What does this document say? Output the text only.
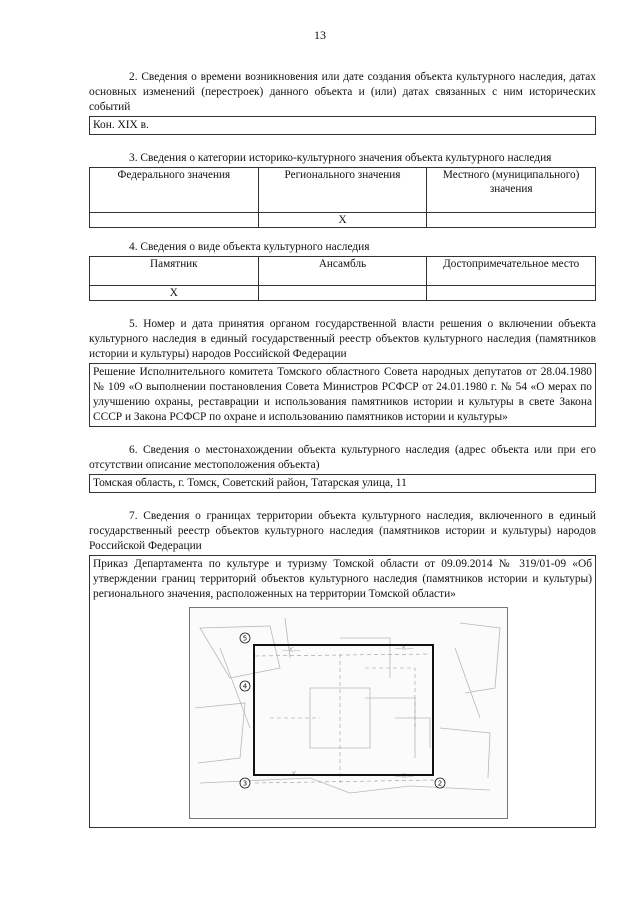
13

2. Сведения о времени возникновения или дате создания объекта культурного наследия, датах основных изменений (перестроек) данного объекта и (или) датах связанных с ним исторических событий

Кон. XIX в.

3. Сведения о категории историко-культурного значения объекта культурного наследия

Федерального значения	Регионального значения	Местного (муниципального) значения
	Х	

4. Сведения о виде объекта культурного наследия

Памятник	Ансамбль	Достопримечательное место
Х		

5. Номер и дата принятия органом государственной власти решения о включении объекта культурного наследия в единый государственный реестр объектов культурного наследия (памятников истории и культуры) народов Российской Федерации

Решение Исполнительного комитета Томского областного Совета народных депутатов от 28.04.1980 № 109 «О выполнении постановления Совета Министров РСФСР от 24.01.1980 г. № 54 «О мерах по улучшению охраны, реставрации и использования памятников истории и культуры в свете Закона СССР и Закона РСФСР по охране и использованию памятников истории и культуры»

6. Сведения о местонахождении объекта культурного наследия (адрес объекта или при его отсутствии описание местоположения объекта)

Томская область, г. Томск, Советский район, Татарская улица, 11

7. Сведения о границах территории объекта культурного наследия, включенного в единый государственный реестр объектов культурного наследия (памятников истории и культуры) народов Российской Федерации

Приказ Департамента по культуре и туризму Томской области от 09.09.2014 № 319/01-09 «Об утверждении границ территорий объектов культурного наследия (памятников истории и культуры) регионального значения, расположенных на территории Томской области»
—K—	—K—
—K—
—K—
5
4
3	2
